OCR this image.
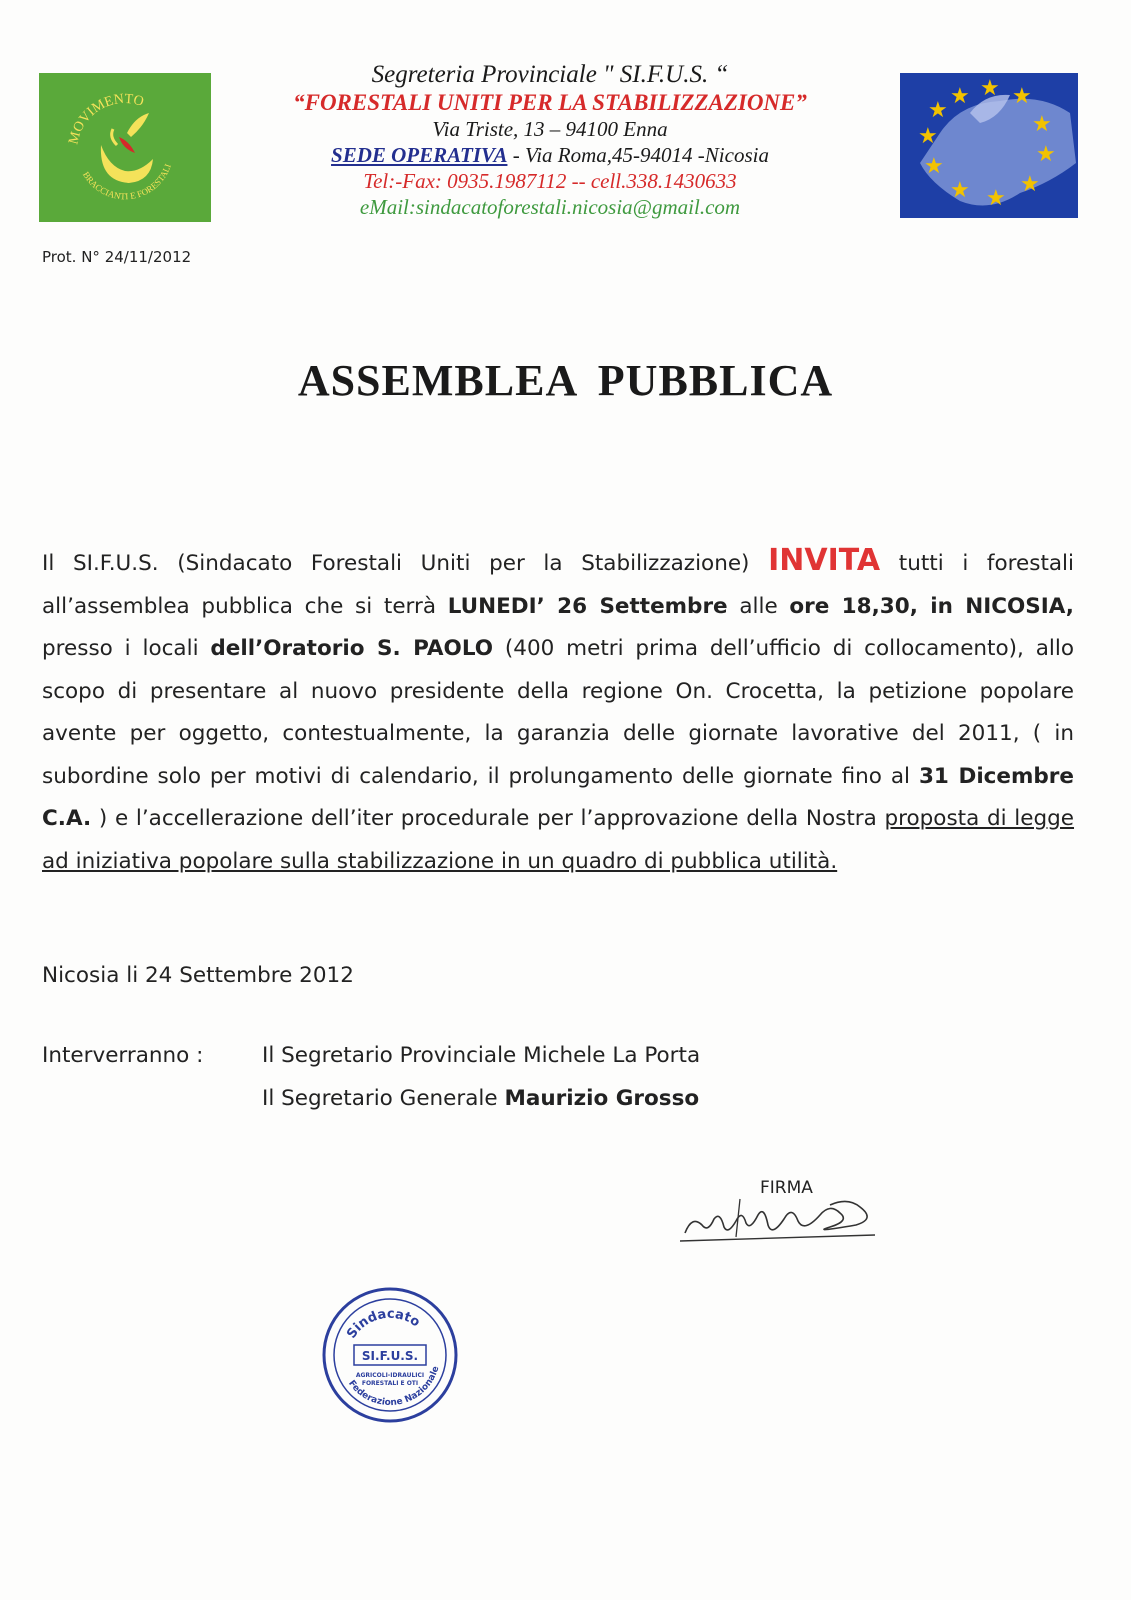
MOVIMENTO
BRACCIANTI E FORESTALI
Segreteria Provinciale " SI.F.U.S. “
“FORESTALI UNITI PER LA STABILIZZAZIONE”
Via Triste, 13 – 94100 Enna
SEDE OPERATIVA - Via Roma,45-94014 -Nicosia
Tel:-Fax: 0935.1987112 -- cell.338.1430633
eMail:sindacatoforestali.nicosia@gmail.com
★ ★ ★
★
★
★
★
★
★
★
★
Prot. N° 24/11/2012
ASSEMBLEA PUBBLICA
Il SI.F.U.S. (Sindacato Forestali Uniti per la Stabilizzazione) INVITA tutti i forestali all’assemblea pubblica che si terrà LUNEDI’ 26 Settembre alle ore 18,30, in NICOSIA, presso i locali dell’Oratorio S. PAOLO (400 metri prima dell’ufficio di collocamento), allo scopo di presentare al nuovo presidente della regione On. Crocetta, la petizione popolare avente per oggetto, contestualmente, la garanzia delle giornate lavorative del 2011, ( in subordine solo per motivi di calendario, il prolungamento delle giornate fino al 31 Dicembre C.A. ) e l’accellerazione dell’iter procedurale per l’approvazione della Nostra proposta di legge ad iniziativa popolare sulla stabilizzazione in un quadro di pubblica utilità.
Nicosia li 24 Settembre 2012
Interverranno :	Il Segretario Provinciale Michele La Porta
Il Segretario Generale Maurizio Grosso
FIRMA
Sindacato
SI.F.U.S.
AGRICOLI-IDRAULICI
FORESTALI E OTI
Federazione Nazionale
